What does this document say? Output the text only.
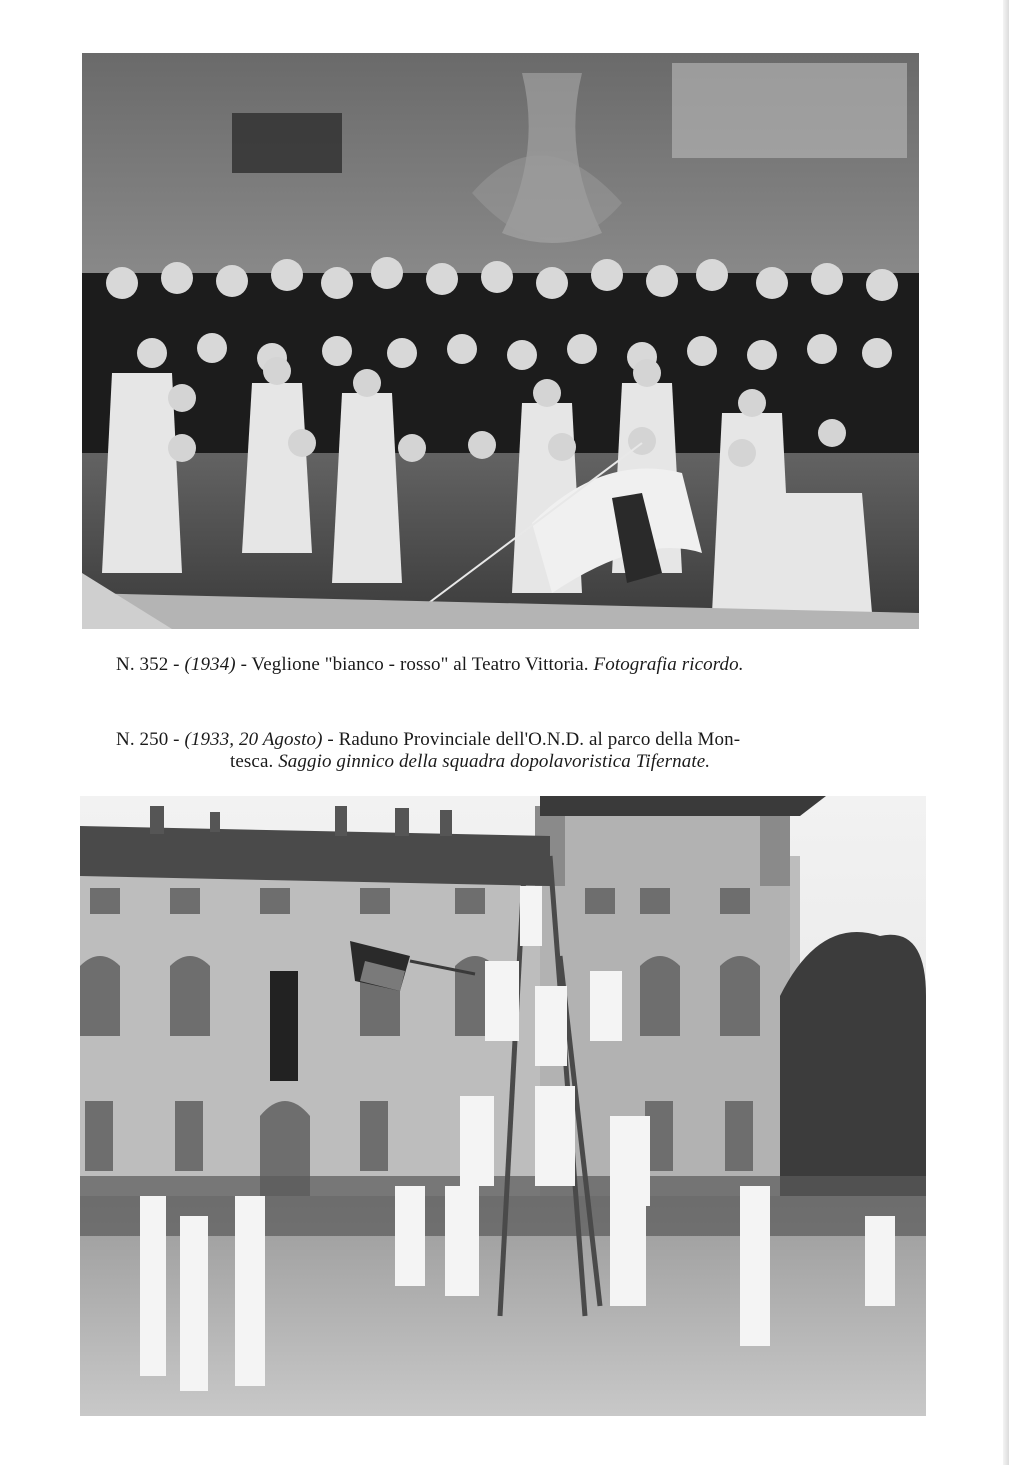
N. 352 - (1934) - Veglione "bianco - rosso" al Teatro Vittoria. Fotografia ricordo.
N. 250 - (1933, 20 Agosto) - Raduno Provinciale dell'O.N.D. al parco della Mon-
tesca. Saggio ginnico della squadra dopolavoristica Tifernate.
